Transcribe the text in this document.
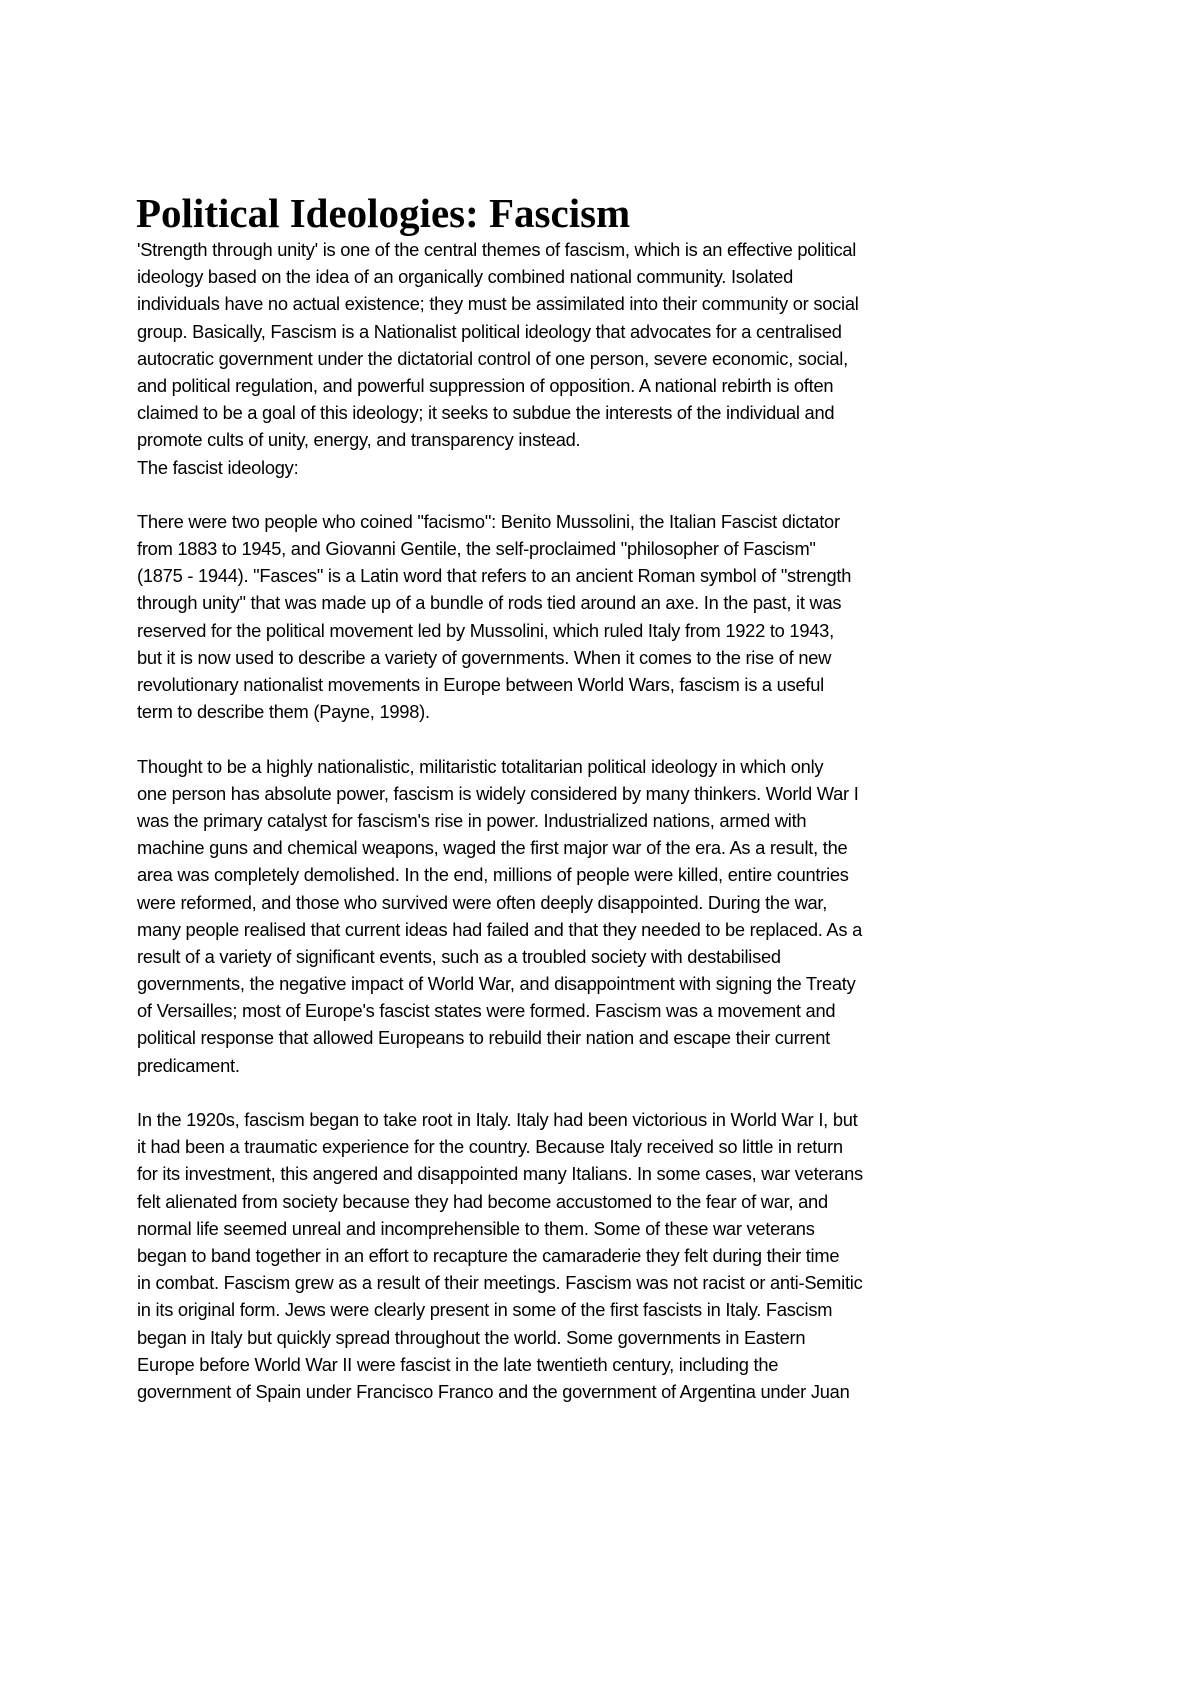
Political Ideologies: Fascism
'Strength through unity' is one of the central themes of fascism, which is an effective political
ideology based on the idea of an organically combined national community. Isolated
individuals have no actual existence; they must be assimilated into their community or social
group. Basically, Fascism is a Nationalist political ideology that advocates for a centralised
autocratic government under the dictatorial control of one person, severe economic, social,
and political regulation, and powerful suppression of opposition. A national rebirth is often
claimed to be a goal of this ideology; it seeks to subdue the interests of the individual and
promote cults of unity, energy, and transparency instead.
The fascist ideology:
There were two people who coined "facismo": Benito Mussolini, the Italian Fascist dictator
from 1883 to 1945, and Giovanni Gentile, the self-proclaimed "philosopher of Fascism"
(1875 - 1944). "Fasces" is a Latin word that refers to an ancient Roman symbol of "strength
through unity" that was made up of a bundle of rods tied around an axe. In the past, it was
reserved for the political movement led by Mussolini, which ruled Italy from 1922 to 1943,
but it is now used to describe a variety of governments. When it comes to the rise of new
revolutionary nationalist movements in Europe between World Wars, fascism is a useful
term to describe them (Payne, 1998).
Thought to be a highly nationalistic, militaristic totalitarian political ideology in which only
one person has absolute power, fascism is widely considered by many thinkers. World War I
was the primary catalyst for fascism's rise in power. Industrialized nations, armed with
machine guns and chemical weapons, waged the first major war of the era. As a result, the
area was completely demolished. In the end, millions of people were killed, entire countries
were reformed, and those who survived were often deeply disappointed. During the war,
many people realised that current ideas had failed and that they needed to be replaced. As a
result of a variety of significant events, such as a troubled society with destabilised
governments, the negative impact of World War, and disappointment with signing the Treaty
of Versailles; most of Europe's fascist states were formed. Fascism was a movement and
political response that allowed Europeans to rebuild their nation and escape their current
predicament.
In the 1920s, fascism began to take root in Italy. Italy had been victorious in World War I, but
it had been a traumatic experience for the country. Because Italy received so little in return
for its investment, this angered and disappointed many Italians. In some cases, war veterans
felt alienated from society because they had become accustomed to the fear of war, and
normal life seemed unreal and incomprehensible to them. Some of these war veterans
began to band together in an effort to recapture the camaraderie they felt during their time
in combat. Fascism grew as a result of their meetings. Fascism was not racist or anti-Semitic
in its original form. Jews were clearly present in some of the first fascists in Italy. Fascism
began in Italy but quickly spread throughout the world. Some governments in Eastern
Europe before World War II were fascist in the late twentieth century, including the
government of Spain under Francisco Franco and the government of Argentina under Juan
